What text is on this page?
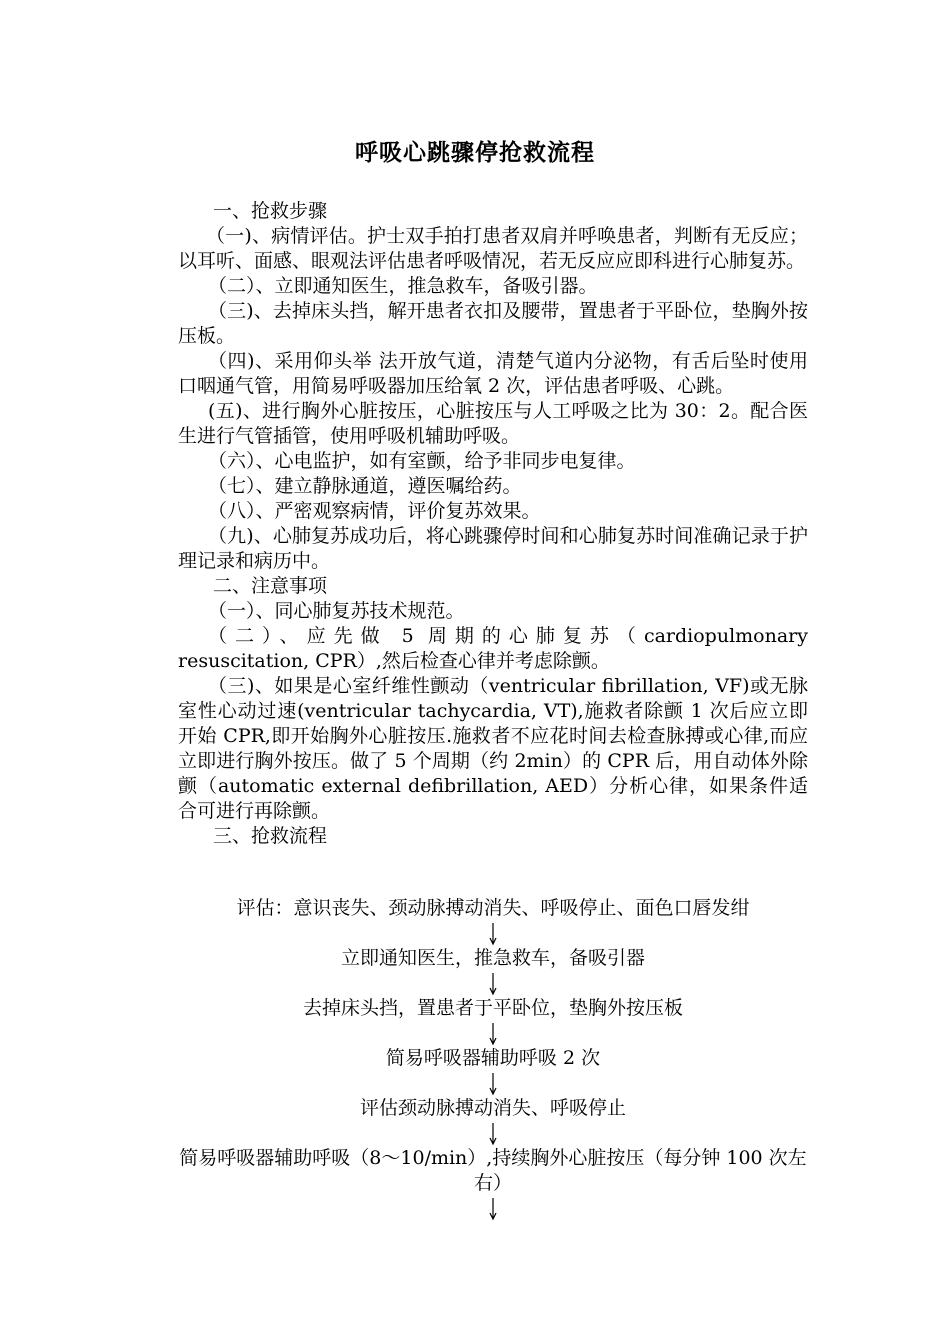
呼吸心跳骤停抢救流程

一、抢救步骤

（一)、病情评估。护士双手拍打患者双肩并呼唤患者，判断有无反应；以耳听、面感、眼观法评估患者呼吸情况，若无反应应即科进行心肺复苏。

（二）、立即通知医生，推急救车，备吸引器。

（三)、去掉床头挡，解开患者衣扣及腰带，置患者于平卧位，垫胸外按压板。

（四)、采用仰头举 法开放气道，清楚气道内分泌物，有舌后坠时使用口咽通气管，用简易呼吸器加压给氧 2 次，评估患者呼吸、心跳。

(五)、进行胸外心脏按压，心脏按压与人工呼吸之比为 30：2。配合医生进行气管插管，使用呼吸机辅助呼吸。

（六）、心电监护，如有室颤，给予非同步电复律。

（七）、建立静脉通道，遵医嘱给药。

（八）、严密观察病情，评价复苏效果。

（九)、心肺复苏成功后，将心跳骤停时间和心肺复苏时间准确记录于护理记录和病历中。

二、注意事项

（一）、同心肺复苏技术规范。

（二）、应先做 5 周期的心肺复苏（cardiopulmonary resuscitation, CPR）,然后检查心律并考虑除颤。

（三)、如果是心室纤维性颤动（ventricular fibrillation, VF)或无脉室性心动过速(ventricular tachycardia, VT),施救者除颤 1 次后应立即开始 CPR,即开始胸外心脏按压.施救者不应花时间去检查脉搏或心律,而应立即进行胸外按压。做了 5 个周期（约 2min）的 CPR 后，用自动体外除颤（automatic external defibrillation, AED）分析心律，如果条件适合可进行再除颤。

三、抢救流程

评估：意识丧失、颈动脉搏动消失、呼吸停止、面色口唇发绀

立即通知医生，推急救车，备吸引器

去掉床头挡，置患者于平卧位，垫胸外按压板

简易呼吸器辅助呼吸 2 次

评估颈动脉搏动消失、呼吸停止

简易呼吸器辅助呼吸（8～10/min）,持续胸外心脏按压（每分钟 100 次左右）
